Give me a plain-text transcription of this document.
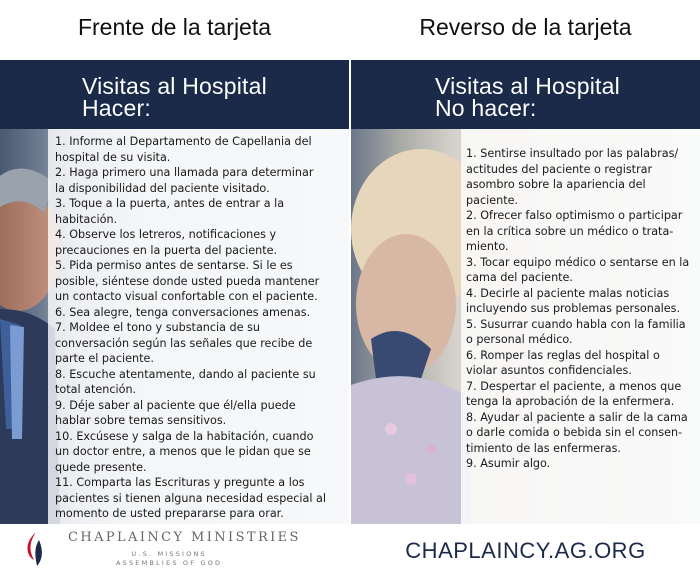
Frente de la tarjeta	Reverso de la tarjeta
Visitas al Hospital
Hacer:
1. Informe al Departamento de Capellania del
hospital de su visita.
2. Haga primero una llamada para determinar
la disponibilidad del paciente visitado.
3. Toque a la puerta, antes de entrar a la
habitación.
4. Observe los letreros, notificaciones y
precauciones en la puerta del paciente.
5. Pida permiso antes de sentarse. Si le es
posible, siéntese donde usted pueda mantener
un contacto visual confortable con el paciente.
6. Sea alegre, tenga conversaciones amenas.
7. Moldee el tono y substancia de su
conversación según las señales que recibe de
parte el paciente.
8. Escuche atentamente, dando al paciente su
total atención.
9. Déje saber al paciente que él/ella puede
hablar sobre temas sensitivos.
10. Excúsese y salga de la habitación, cuando
un doctor entre, a menos que le pidan que se
quede presente.
11. Comparta las Escrituras y pregunte a los
pacientes si tienen alguna necesidad especial al
momento de usted prepararse para orar.
Visitas al Hospital
No hacer:
1. Sentirse insultado por las palabras/
actitudes del paciente o registrar
asombro sobre la apariencia del
paciente.
2. Ofrecer falso optimismo o participar
en la crítica sobre un médico o trata-
miento.
3. Tocar equipo médico o sentarse en la
cama del paciente.
4. Decirle al paciente malas noticias
incluyendo sus problemas personales.
5. Susurrar cuando habla con la familia
o personal médico.
6. Romper las reglas del hospital o
violar asuntos confidenciales.
7. Despertar el paciente, a menos que
tenga la aprobación de la enfermera.
8. Ayudar al paciente a salir de la cama
o darle comida o bebida sin el consen-
timiento de las enfermeras.
9. Asumir algo.
CHAPLAINCY MINISTRIES
U.S. MISSIONS
ASSEMBLIES OF GOD	CHAPLAINCY.AG.ORG
